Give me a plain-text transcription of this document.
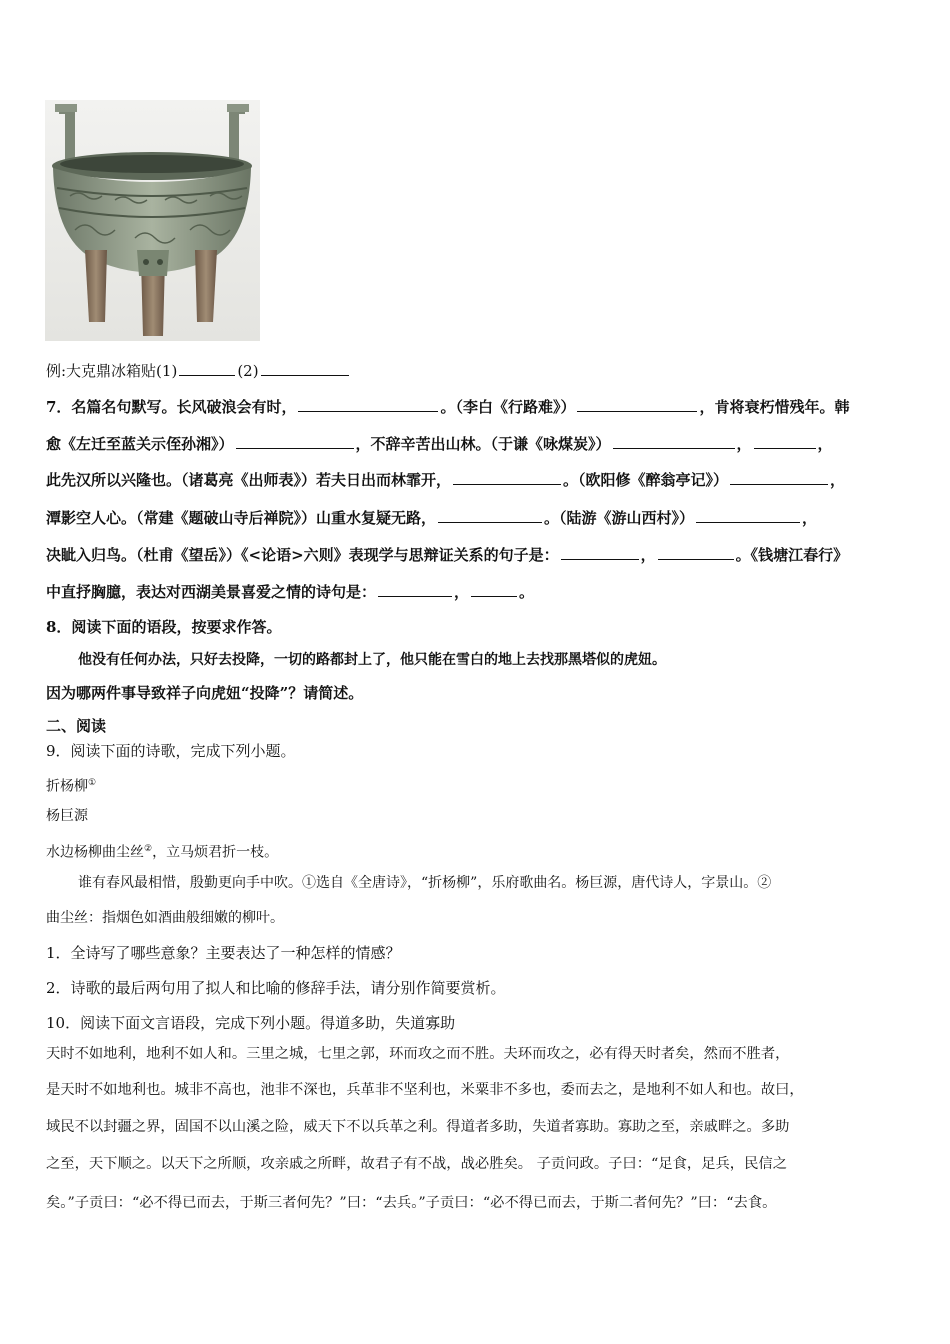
例:大克鼎冰箱贴(1)	(2)
7．名篇名句默写。长风破浪会有时，	。（李白《行路难》）	，肯将衰朽惜残年。韩
愈《左迁至蓝关示侄孙湘》）	，不辞辛苦出山林。（于谦《咏煤炭》）	，	，
此先汉所以兴隆也。（诸葛亮《出师表》）若夫日出而林霏开，	。（欧阳修《醉翁亭记》）	，
潭影空人心。（常建《题破山寺后禅院》）山重水复疑无路，	。（陆游《游山西村》）	，
决眦入归鸟。（杜甫《望岳》）《<论语>六则》表现学与思辩证关系的句子是：	，	。《钱塘江春行》
中直抒胸臆，表达对西湖美景喜爱之情的诗句是：	，	。
8．阅读下面的语段，按要求作答。
他没有任何办法，只好去投降，一切的路都封上了，他只能在雪白的地上去找那黑塔似的虎妞。
因为哪两件事导致祥子向虎妞“投降”？请简述。
二、阅读
9．阅读下面的诗歌，完成下列小题。
折杨柳①
杨巨源
水边杨柳曲尘丝②，立马烦君折一枝。
谁有春风最相惜，殷勤更向手中吹。①选自《全唐诗》，“折杨柳”，乐府歌曲名。杨巨源，唐代诗人，字景山。②
曲尘丝：指烟色如酒曲般细嫩的柳叶。
1．全诗写了哪些意象？主要表达了一种怎样的情感？
2．诗歌的最后两句用了拟人和比喻的修辞手法，请分别作简要赏析。
10．阅读下面文言语段，完成下列小题。得道多助，失道寡助
天时不如地利，地利不如人和。三里之城，七里之郭，环而攻之而不胜。夫环而攻之，必有得天时者矣，然而不胜者，
是天时不如地利也。城非不高也，池非不深也，兵革非不坚利也，米粟非不多也，委而去之，是地利不如人和也。故曰，
域民不以封疆之界，固国不以山溪之险，威天下不以兵革之利。得道者多助，失道者寡助。寡助之至，亲戚畔之。多助
之至，天下顺之。以天下之所顺，攻亲戚之所畔，故君子有不战，战必胜矣。 子贡问政。子曰：“足食，足兵，民信之
矣。”子贡曰：“必不得已而去，于斯三者何先？”曰：“去兵。”子贡曰：“必不得已而去，于斯二者何先？”曰：“去食。
